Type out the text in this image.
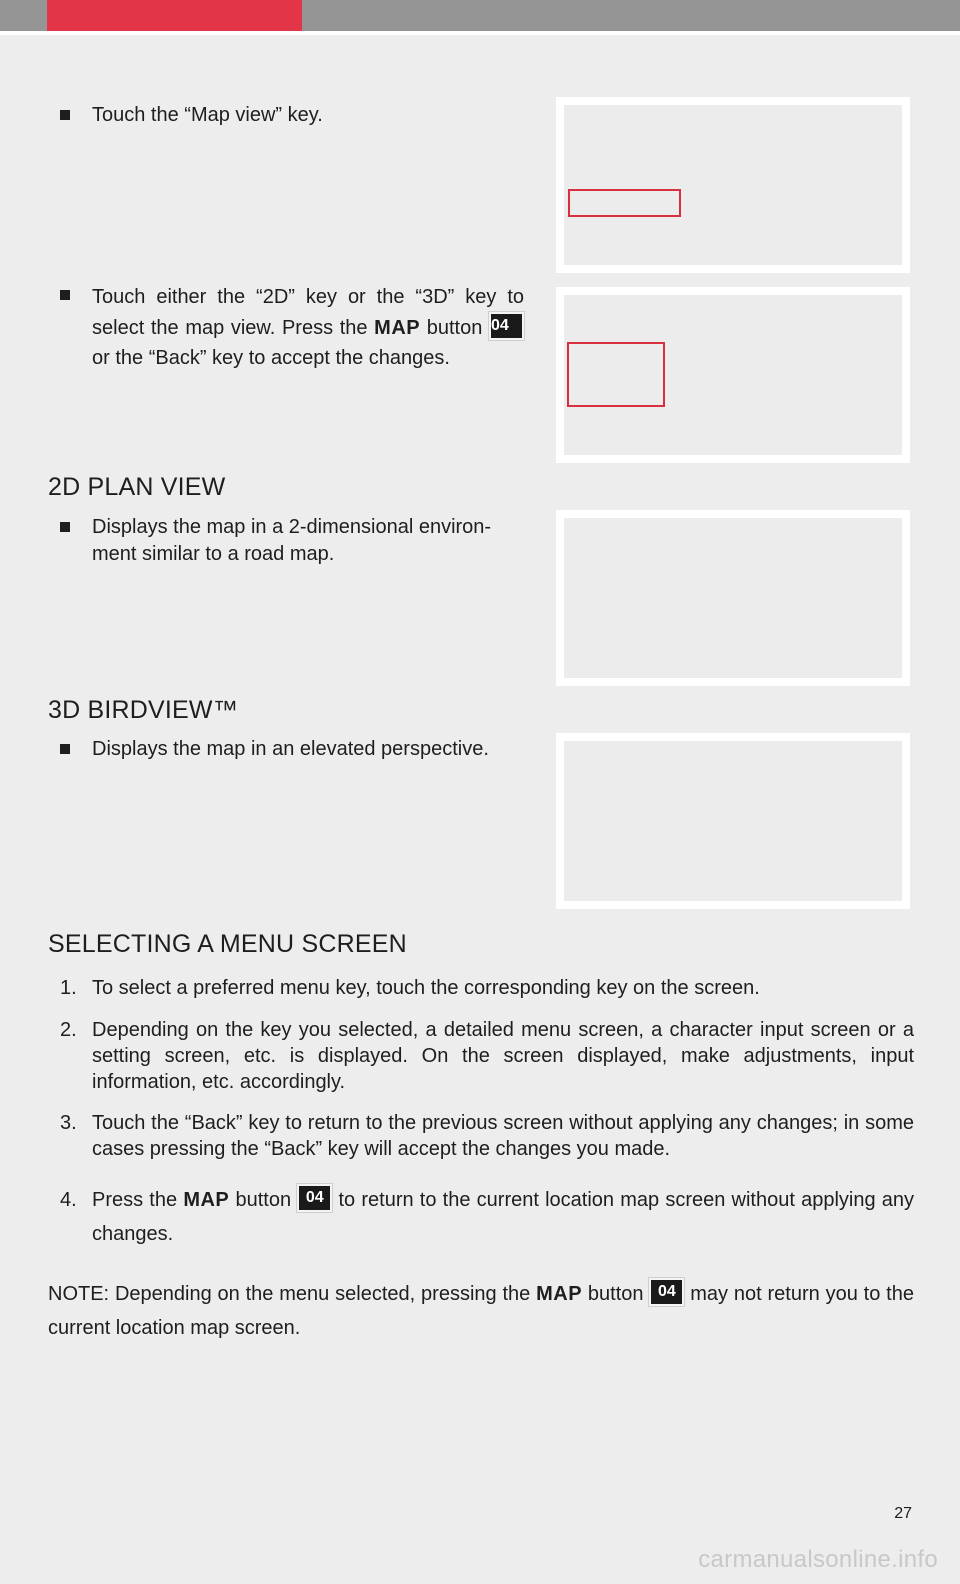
Touch the “Map view” key.
Touch either the “2D” key or the “3D” key to select the map view. Press the MAP button 04 or the “Back” key to accept the changes.
2D PLAN VIEW
Displays the map in a 2-dimensional environ-ment similar to a road map.
3D BIRDVIEW™
Displays the map in an elevated perspective.
SELECTING A MENU SCREEN
1. To select a preferred menu key, touch the corresponding key on the screen.
2. Depending on the key you selected, a detailed menu screen, a character input screen or a setting screen, etc. is displayed. On the screen displayed, make adjustments, input information, etc. accordingly.
3. Touch the “Back” key to return to the previous screen without applying any changes; in some cases pressing the “Back” key will accept the changes you made.
4. Press the MAP button 04 to return to the current location map screen without applying any changes.
NOTE: Depending on the menu selected, pressing the MAP button 04 may not return you to the current location map screen.
27
carmanualsonline.info
